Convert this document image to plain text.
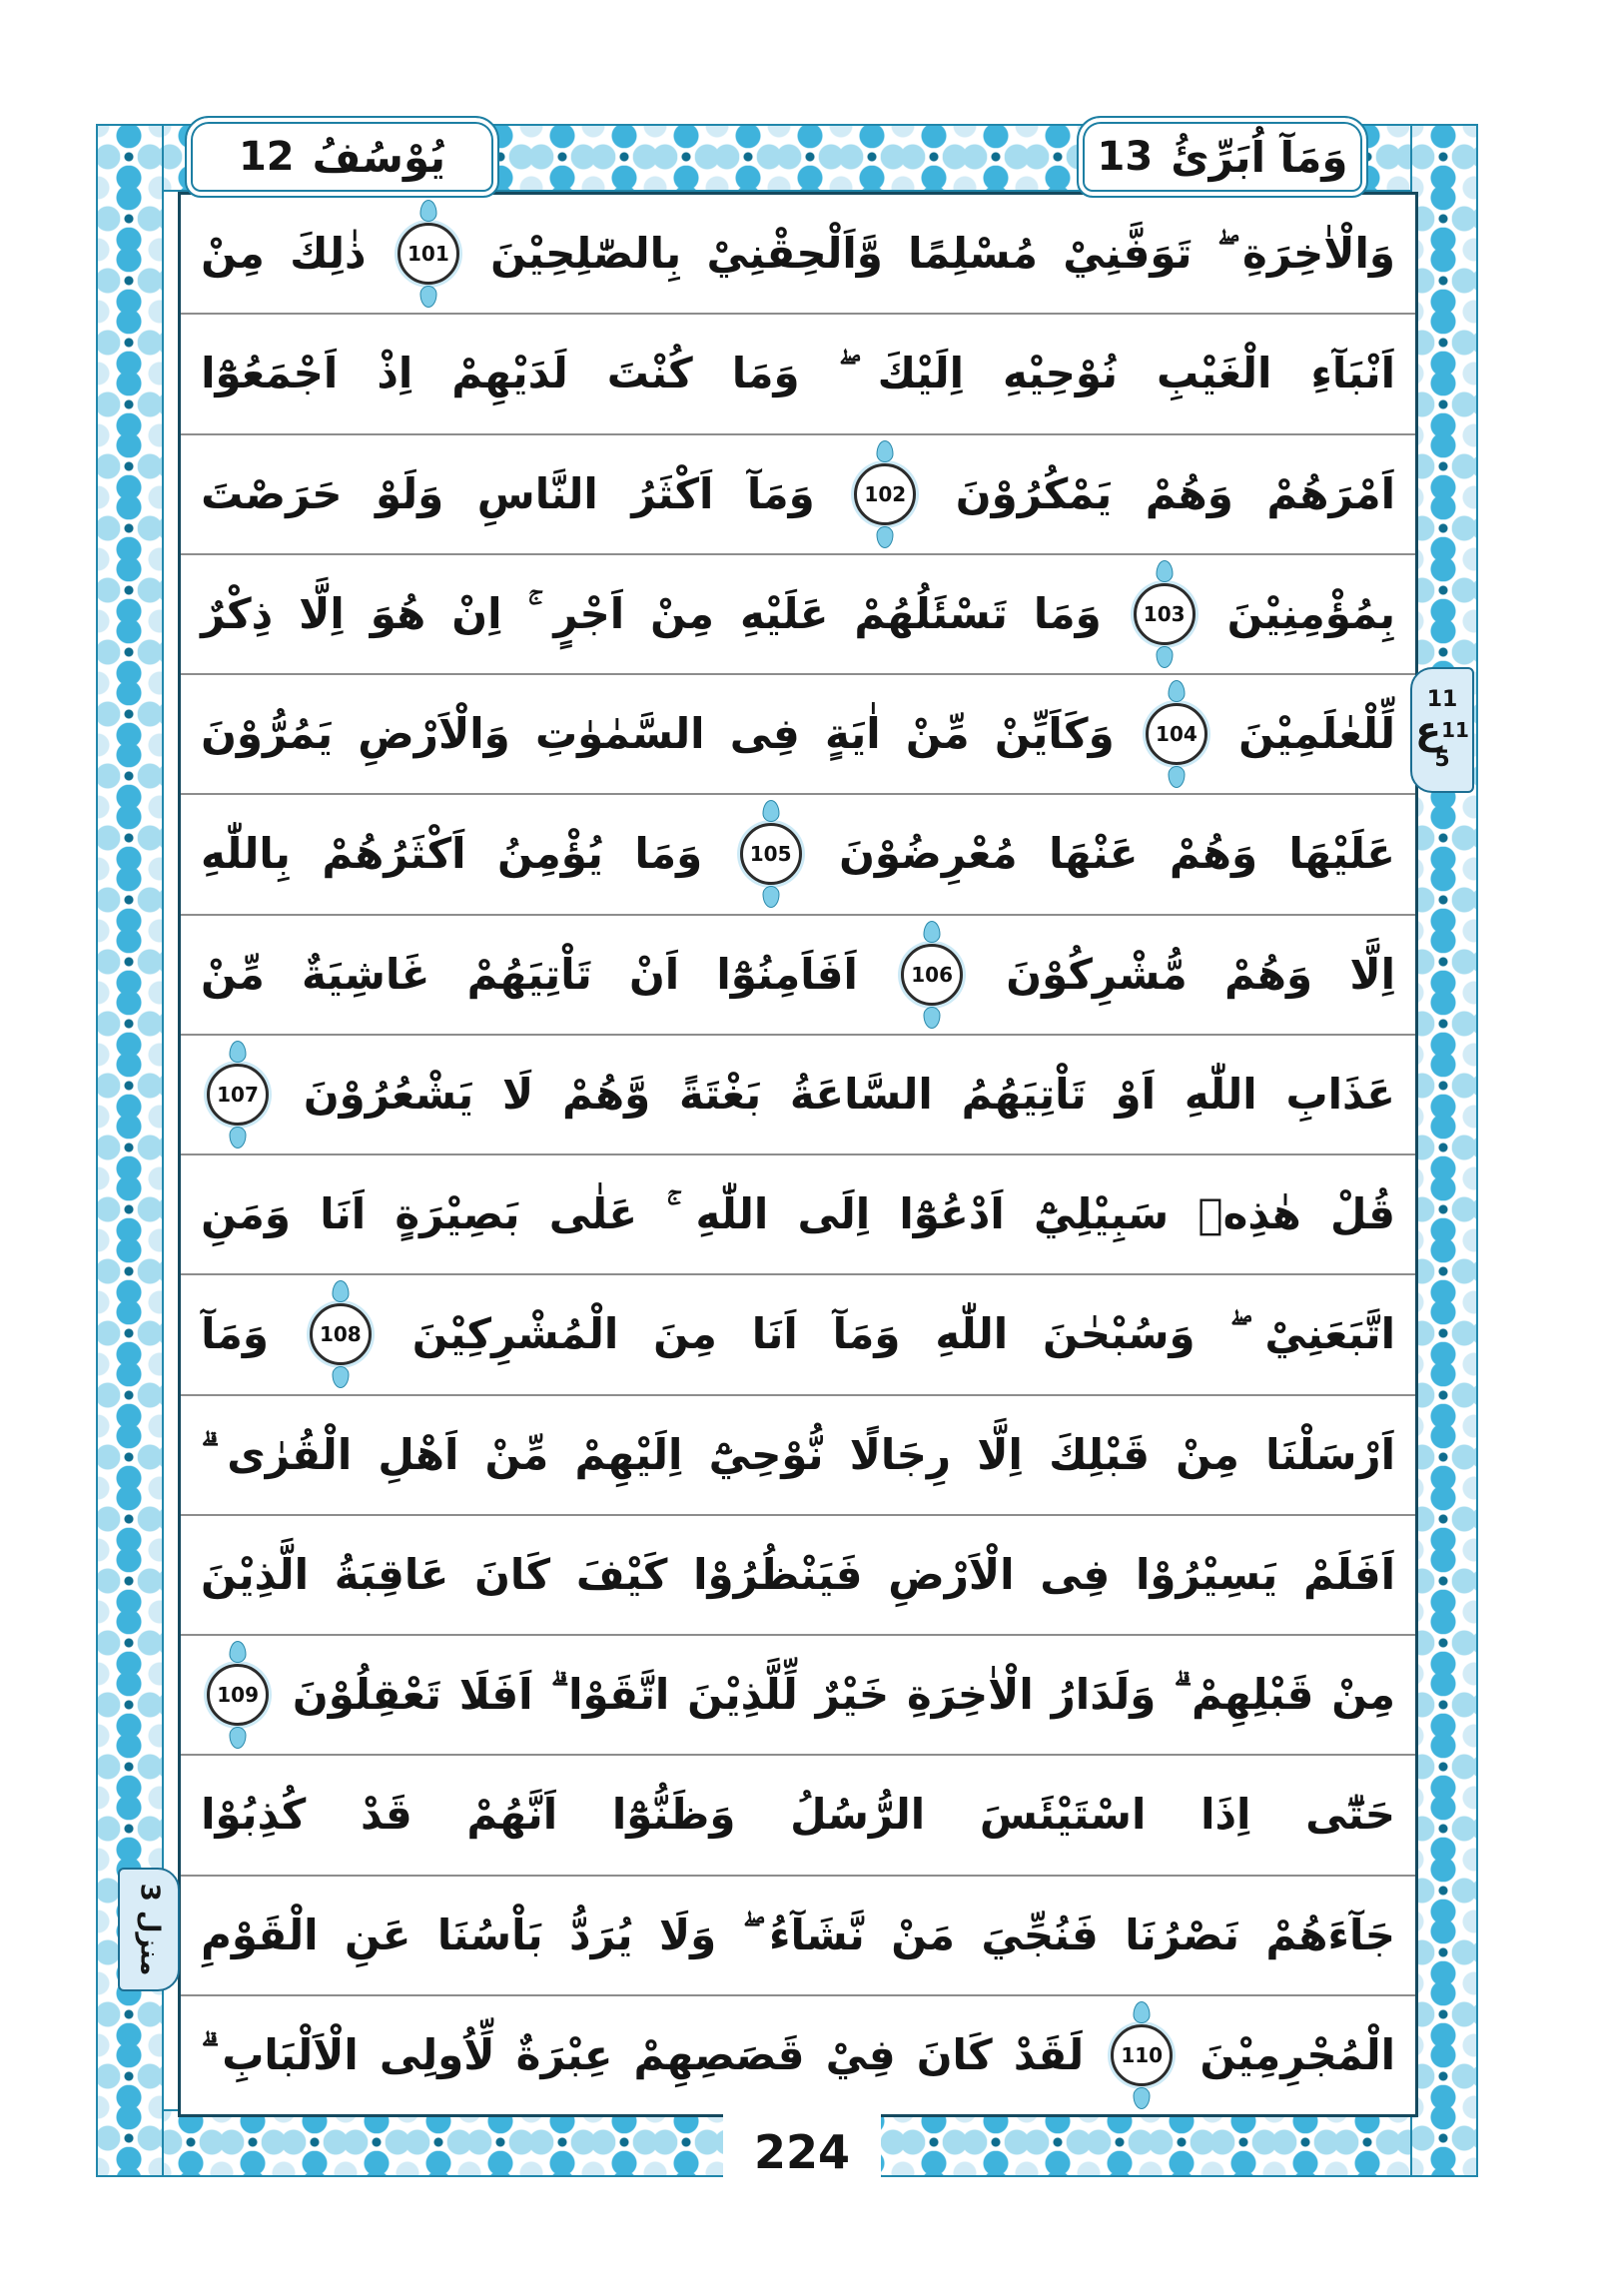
يُوْسُفُ
12	وَمَآ اُبَرِّئُ
13
وَالْاٰخِرَةِ
تَوَفَّنِيْ
مُسْلِمًا
وَّاَلْحِقْنِيْ
بِالصّٰلِحِيْنَ
101
ذٰلِكَ
مِنْ
اَنْبَآءِ
الْغَيْبِ
نُوْحِيْهِ
اِلَيْكَ
وَمَا
كُنْتَ
لَدَيْهِمْ
اِذْ
اَجْمَعُوْٓا
اَمْرَهُمْ
وَهُمْ
يَمْكُرُوْنَ
102
وَمَآ
اَكْثَرُ
النَّاسِ
وَلَوْ
حَرَصْتَ
بِمُؤْمِنِيْنَ
103
وَمَا
تَسْئَلُهُمْ
عَلَيْهِ
مِنْ
اَجْرٍ
اِنْ
هُوَ
اِلَّا
ذِكْرٌ
لِّلْعٰلَمِيْنَ
104
وَكَاَيِّنْ
مِّنْ
اٰيَةٍ
فِى
السَّمٰوٰتِ
وَالْاَرْضِ
يَمُرُّوْنَ
عَلَيْهَا
وَهُمْ
عَنْهَا
مُعْرِضُوْنَ
105
وَمَا
يُؤْمِنُ
اَكْثَرُهُمْ
بِاللّٰهِ
اِلَّا
وَهُمْ
مُّشْرِكُوْنَ
106
اَفَاَمِنُوْٓا
اَنْ
تَاْتِيَهُمْ
غَاشِيَةٌ
مِّنْ
عَذَابِ
اللّٰهِ
اَوْ
تَاْتِيَهُمُ
السَّاعَةُ
بَغْتَةً
وَّهُمْ
لَا
يَشْعُرُوْنَ
107
قُلْ
هٰذِهٖ
سَبِيْلِيْٓ
اَدْعُوْٓا
اِلَى
اللّٰهِ
عَلٰى
بَصِيْرَةٍ
اَنَا
وَمَنِ
اتَّبَعَنِيْ
وَسُبْحٰنَ
اللّٰهِ
وَمَآ
اَنَا
مِنَ
الْمُشْرِكِيْنَ
108
وَمَآ
اَرْسَلْنَا
مِنْ
قَبْلِكَ
اِلَّا
رِجَالًا
نُّوْحِيْٓ
اِلَيْهِمْ
مِّنْ
اَهْلِ
الْقُرٰى
اَفَلَمْ
يَسِيْرُوْا
فِى
الْاَرْضِ
فَيَنْظُرُوْا
كَيْفَ
كَانَ
عَاقِبَةُ
الَّذِيْنَ
مِنْ
قَبْلِهِمْ
وَلَدَارُ
الْاٰخِرَةِ
خَيْرٌ
لِّلَّذِيْنَ
اتَّقَوْا
اَفَلَا
تَعْقِلُوْنَ
109
حَتّٰٓى
اِذَا
اسْتَيْئَسَ
الرُّسُلُ
وَظَنُّوْٓا
اَنَّهُمْ
قَدْ
كُذِبُوْا
جَآءَهُمْ
نَصْرُنَا
فَنُجِّيَ
مَنْ
نَّشَآءُ
وَلَا
يُرَدُّ
بَاْسُنَا
عَنِ
الْقَوْمِ
الْمُجْرِمِيْنَ
110
لَقَدْ
كَانَ
فِيْ
قَصَصِهِمْ
عِبْرَةٌ
لِّاُولِى
الْاَلْبَابِ
11
ع 11
5
منزل 3
224
